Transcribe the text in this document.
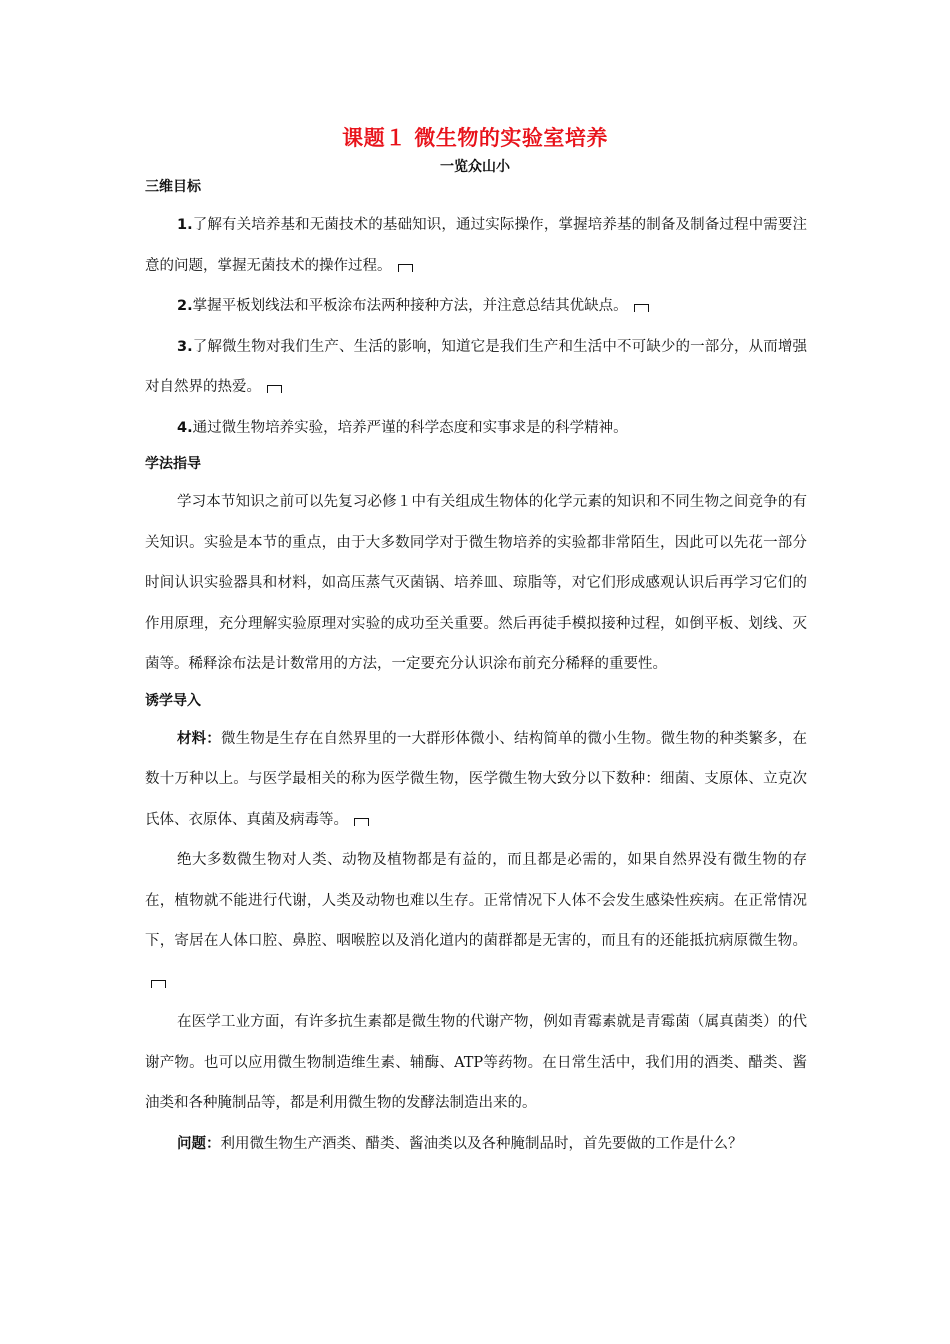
课题１ 微生物的实验室培养
一览众山小
三维目标

1.了解有关培养基和无菌技术的基础知识，通过实际操作，掌握培养基的制备及制备过程中需要注意的问题，掌握无菌技术的操作过程。

2.掌握平板划线法和平板涂布法两种接种方法，并注意总结其优缺点。

3.了解微生物对我们生产、生活的影响，知道它是我们生产和生活中不可缺少的一部分，从而增强对自然界的热爱。

4.通过微生物培养实验，培养严谨的科学态度和实事求是的科学精神。

学法指导

学习本节知识之前可以先复习必修１中有关组成生物体的化学元素的知识和不同生物之间竞争的有关知识。实验是本节的重点，由于大多数同学对于微生物培养的实验都非常陌生，因此可以先花一部分时间认识实验器具和材料，如高压蒸气灭菌锅、培养皿、琼脂等，对它们形成感观认识后再学习它们的作用原理，充分理解实验原理对实验的成功至关重要。然后再徒手模拟接种过程，如倒平板、划线、灭菌等。稀释涂布法是计数常用的方法，一定要充分认识涂布前充分稀释的重要性。

诱学导入

材料：微生物是生存在自然界里的一大群形体微小、结构简单的微小生物。微生物的种类繁多，在数十万种以上。与医学最相关的称为医学微生物，医学微生物大致分以下数种：细菌、支原体、立克次氏体、衣原体、真菌及病毒等。

绝大多数微生物对人类、动物及植物都是有益的，而且都是必需的，如果自然界没有微生物的存在，植物就不能进行代谢，人类及动物也难以生存。正常情况下人体不会发生感染性疾病。在正常情况下，寄居在人体口腔、鼻腔、咽喉腔以及消化道内的菌群都是无害的，而且有的还能抵抗病原微生物。

在医学工业方面，有许多抗生素都是微生物的代谢产物，例如青霉素就是青霉菌（属真菌类）的代谢产物。也可以应用微生物制造维生素、辅酶、ATP等药物。在日常生活中，我们用的酒类、醋类、酱油类和各种腌制品等，都是利用微生物的发酵法制造出来的。

问题：利用微生物生产酒类、醋类、酱油类以及各种腌制品时，首先要做的工作是什么？
